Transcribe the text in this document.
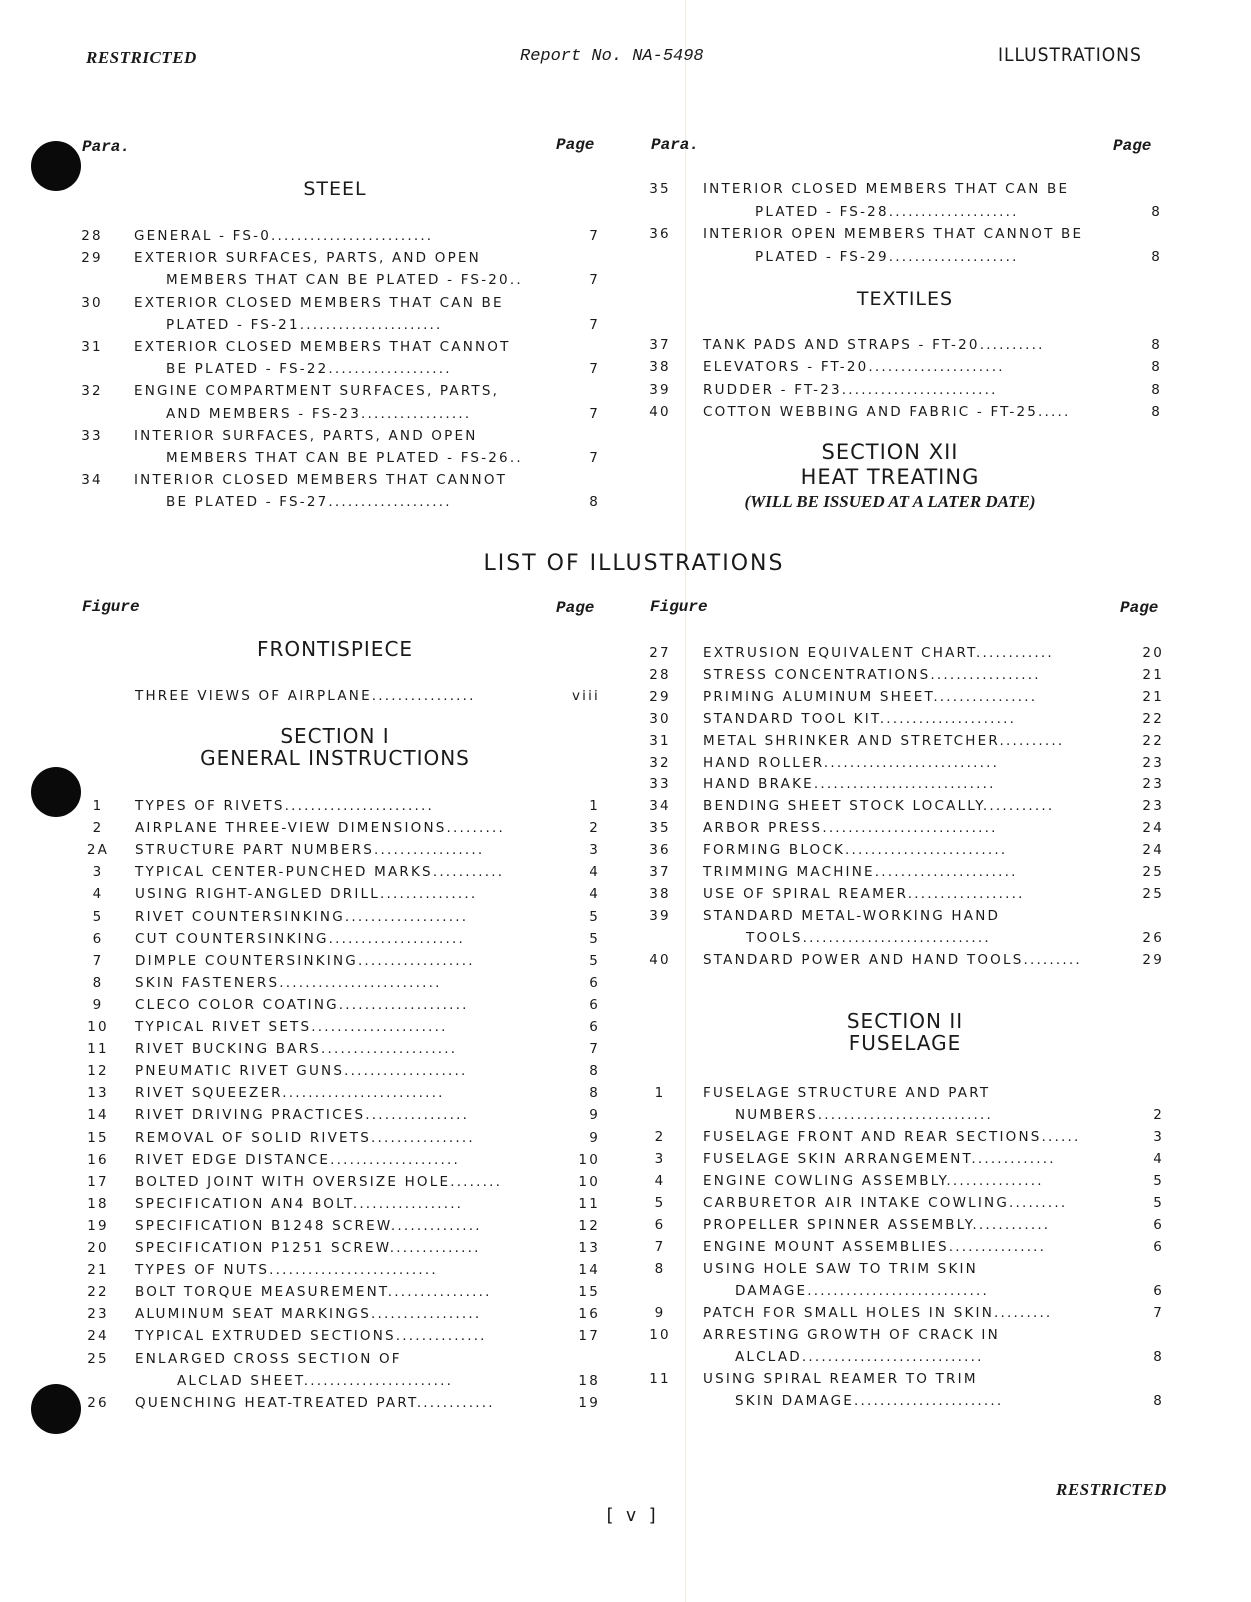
RESTRICTED	Report No. NA-5498	ILLUSTRATIONS
Para.	Page	Para.	Page
STEEL
28	GENERAL - FS-0.........................	7
29	EXTERIOR SURFACES, PARTS, AND OPEN
MEMBERS THAT CAN BE PLATED - FS-20..	7
30	EXTERIOR CLOSED MEMBERS THAT CAN BE
PLATED - FS-21......................	7
31	EXTERIOR CLOSED MEMBERS THAT CANNOT
BE PLATED - FS-22...................	7
32	ENGINE COMPARTMENT SURFACES, PARTS,
AND MEMBERS - FS-23.................	7
33	INTERIOR SURFACES, PARTS, AND OPEN
MEMBERS THAT CAN BE PLATED - FS-26..	7
34	INTERIOR CLOSED MEMBERS THAT CANNOT
BE PLATED - FS-27...................	8
35	INTERIOR CLOSED MEMBERS THAT CAN BE
PLATED - FS-28....................	8
36	INTERIOR OPEN MEMBERS THAT CANNOT BE
PLATED - FS-29....................	8
TEXTILES
37	TANK PADS AND STRAPS - FT-20..........	8
38	ELEVATORS - FT-20.....................	8
39	RUDDER - FT-23........................	8
40	COTTON WEBBING AND FABRIC - FT-25.....	8
SECTION XII
HEAT TREATING
(WILL BE ISSUED AT A LATER DATE)
LIST OF ILLUSTRATIONS
Figure	Page	Figure	Page
FRONTISPIECE
THREE VIEWS OF AIRPLANE................	viii
SECTION I
GENERAL INSTRUCTIONS
1	TYPES OF RIVETS.......................	1
2	AIRPLANE THREE-VIEW DIMENSIONS.........	2
2A	STRUCTURE PART NUMBERS.................	3
3	TYPICAL CENTER-PUNCHED MARKS...........	4
4	USING RIGHT-ANGLED DRILL...............	4
5	RIVET COUNTERSINKING...................	5
6	CUT COUNTERSINKING.....................	5
7	DIMPLE COUNTERSINKING..................	5
8	SKIN FASTENERS.........................	6
9	CLECO COLOR COATING....................	6
10	TYPICAL RIVET SETS.....................	6
11	RIVET BUCKING BARS.....................	7
12	PNEUMATIC RIVET GUNS...................	8
13	RIVET SQUEEZER.........................	8
14	RIVET DRIVING PRACTICES................	9
15	REMOVAL OF SOLID RIVETS................	9
16	RIVET EDGE DISTANCE....................	10
17	BOLTED JOINT WITH OVERSIZE HOLE........	10
18	SPECIFICATION AN4 BOLT.................	11
19	SPECIFICATION B1248 SCREW..............	12
20	SPECIFICATION P1251 SCREW..............	13
21	TYPES OF NUTS..........................	14
22	BOLT TORQUE MEASUREMENT................	15
23	ALUMINUM SEAT MARKINGS.................	16
24	TYPICAL EXTRUDED SECTIONS..............	17
25	ENLARGED CROSS SECTION OF
ALCLAD SHEET.......................	18
26	QUENCHING HEAT-TREATED PART............	19
27	EXTRUSION EQUIVALENT CHART............	20
28	STRESS CONCENTRATIONS.................	21
29	PRIMING ALUMINUM SHEET................	21
30	STANDARD TOOL KIT.....................	22
31	METAL SHRINKER AND STRETCHER..........	22
32	HAND ROLLER...........................	23
33	HAND BRAKE............................	23
34	BENDING SHEET STOCK LOCALLY...........	23
35	ARBOR PRESS...........................	24
36	FORMING BLOCK.........................	24
37	TRIMMING MACHINE......................	25
38	USE OF SPIRAL REAMER..................	25
39	STANDARD METAL-WORKING HAND
TOOLS.............................	26
40	STANDARD POWER AND HAND TOOLS.........	29
SECTION II
FUSELAGE
1	FUSELAGE STRUCTURE AND PART
NUMBERS...........................	2
2	FUSELAGE FRONT AND REAR SECTIONS......	3
3	FUSELAGE SKIN ARRANGEMENT.............	4
4	ENGINE COWLING ASSEMBLY...............	5
5	CARBURETOR AIR INTAKE COWLING.........	5
6	PROPELLER SPINNER ASSEMBLY............	6
7	ENGINE MOUNT ASSEMBLIES...............	6
8	USING HOLE SAW TO TRIM SKIN
DAMAGE............................	6
9	PATCH FOR SMALL HOLES IN SKIN.........	7
10	ARRESTING GROWTH OF CRACK IN
ALCLAD............................	8
11	USING SPIRAL REAMER TO TRIM
SKIN DAMAGE.......................	8
[ v ]
RESTRICTED
